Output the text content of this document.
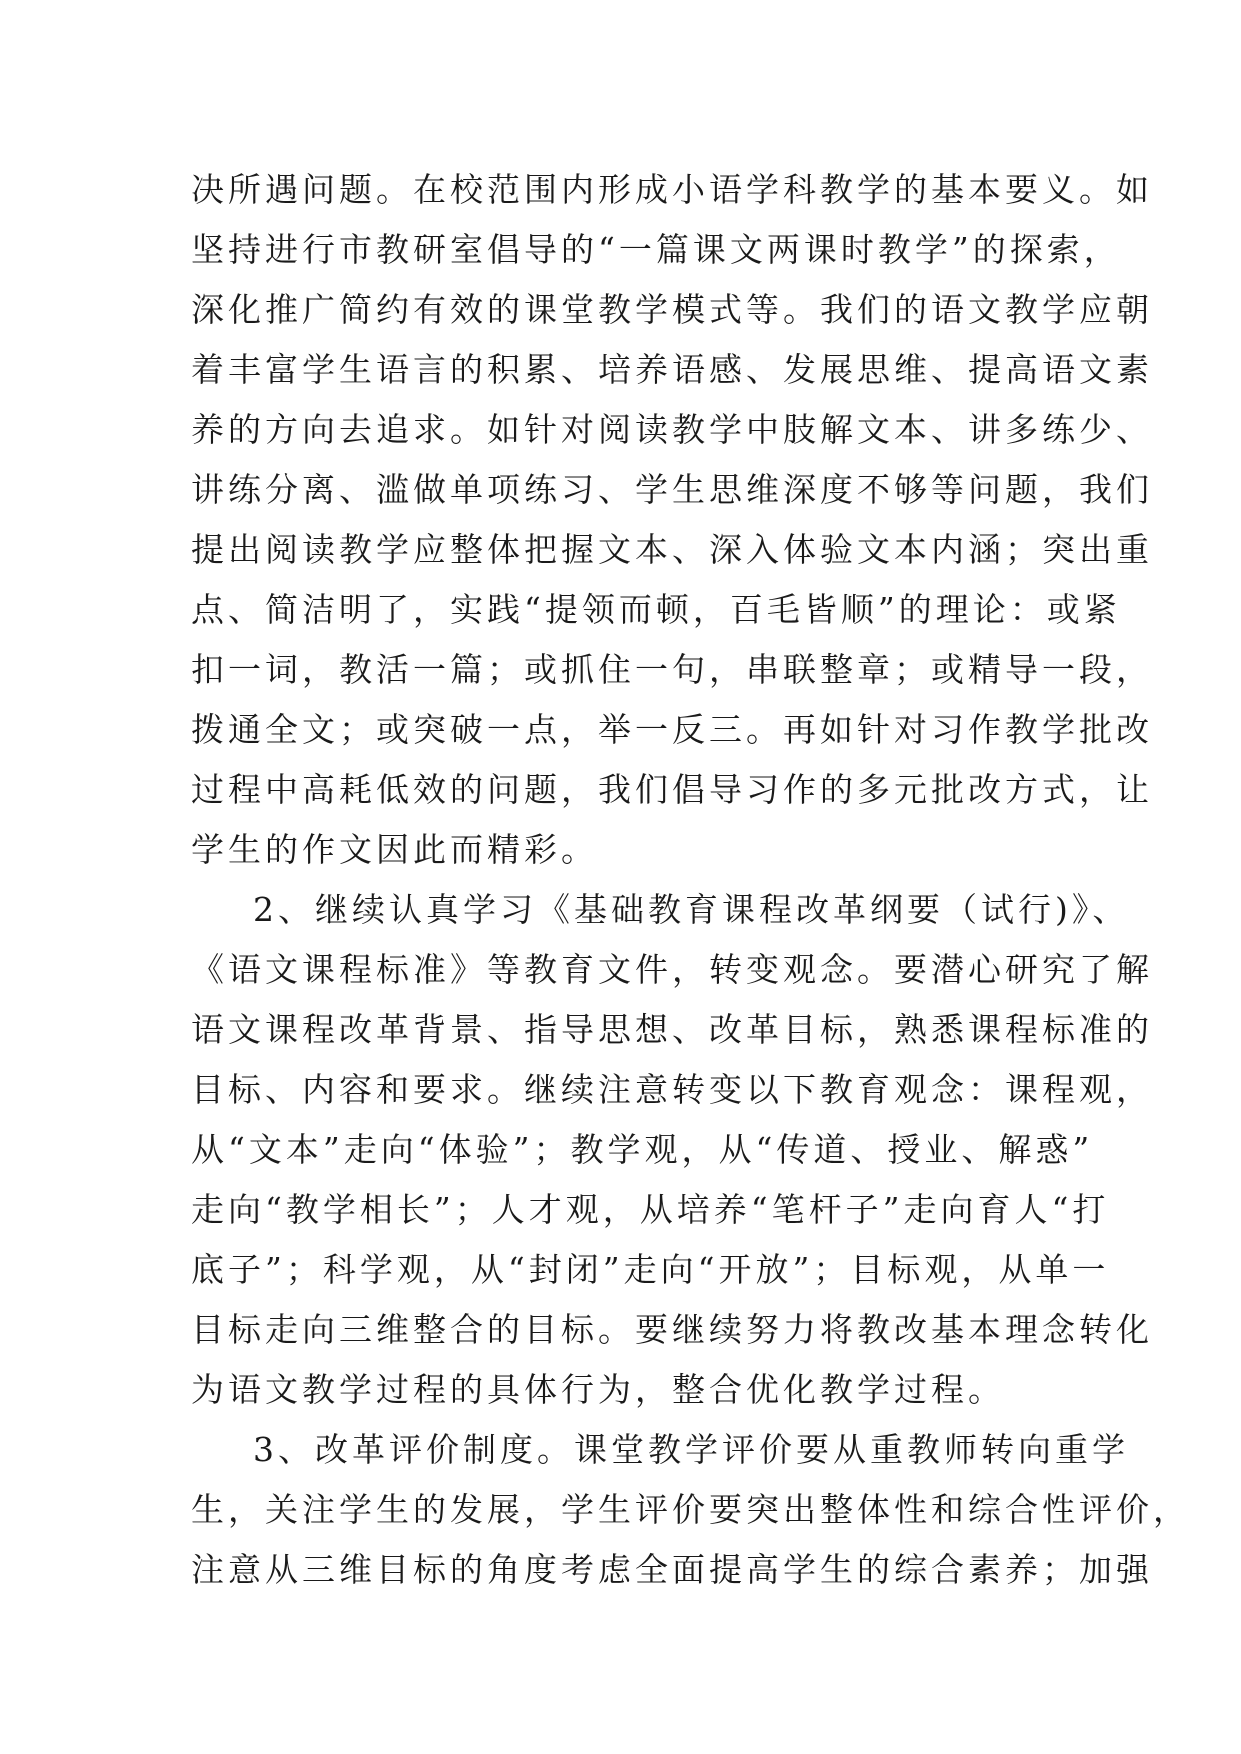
决所遇问题。在校范围内形成小语学科教学的基本要义。如
坚持进行市教研室倡导的“一篇课文两课时教学”的探索，
深化推广简约有效的课堂教学模式等。我们的语文教学应朝
着丰富学生语言的积累、培养语感、发展思维、提高语文素
养的方向去追求。如针对阅读教学中肢解文本、讲多练少、
讲练分离、滥做单项练习、学生思维深度不够等问题，我们
提出阅读教学应整体把握文本、深入体验文本内涵；突出重
点、简洁明了，实践“提领而顿，百毛皆顺”的理论：或紧
扣一词，教活一篇；或抓住一句，串联整章；或精导一段，
拨通全文；或突破一点，举一反三。再如针对习作教学批改
过程中高耗低效的问题，我们倡导习作的多元批改方式，让
学生的作文因此而精彩。
2、继续认真学习《基础教育课程改革纲要（试行)》、
《语文课程标准》等教育文件，转变观念。要潜心研究了解
语文课程改革背景、指导思想、改革目标，熟悉课程标准的
目标、内容和要求。继续注意转变以下教育观念：课程观，
从“文本”走向“体验”；教学观，从“传道、授业、解惑”
走向“教学相长”；人才观，从培养“笔杆子”走向育人“打
底子”；科学观，从“封闭”走向“开放”；目标观，从单一
目标走向三维整合的目标。要继续努力将教改基本理念转化
为语文教学过程的具体行为，整合优化教学过程。
3、改革评价制度。课堂教学评价要从重教师转向重学
生，关注学生的发展，学生评价要突出整体性和综合性评价，
注意从三维目标的角度考虑全面提高学生的综合素养；加强
